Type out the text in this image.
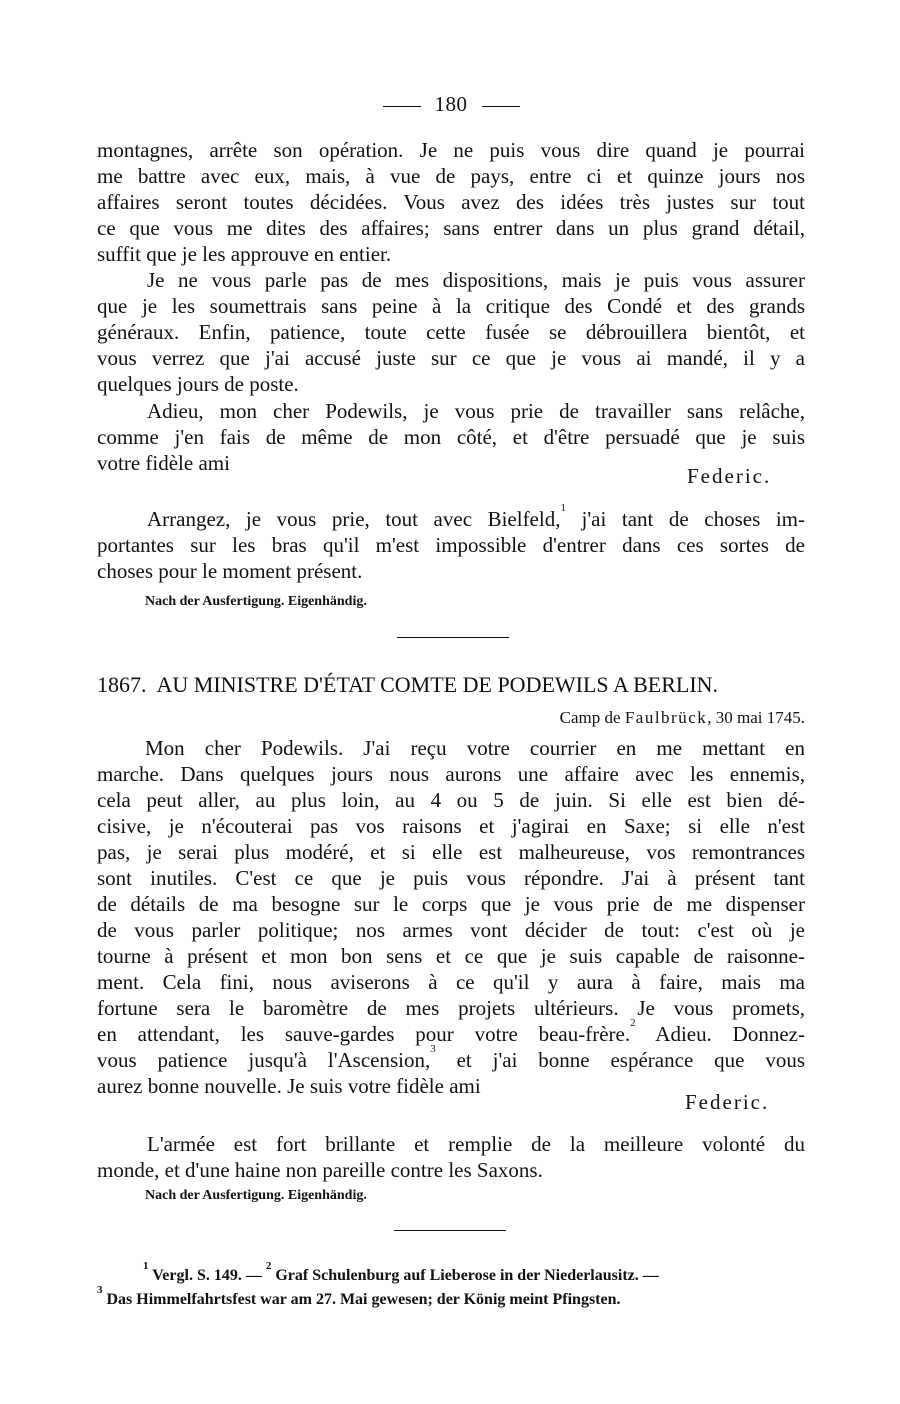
180
montagnes, arrête son opération. Je ne puis vous dire quand je pourrai
me battre avec eux, mais, à vue de pays, entre ci et quinze jours nos
affaires seront toutes décidées. Vous avez des idées très justes sur tout
ce que vous me dites des affaires; sans entrer dans un plus grand détail,
suffit que je les approuve en entier.
Je ne vous parle pas de mes dispositions, mais je puis vous assurer
que je les soumettrais sans peine à la critique des Condé et des grands
généraux. Enfin, patience, toute cette fusée se débrouillera bientôt, et
vous verrez que j'ai accusé juste sur ce que je vous ai mandé, il y a
quelques jours de poste.
Adieu, mon cher Podewils, je vous prie de travailler sans relâche,
comme j'en fais de même de mon côté, et d'être persuadé que je suis
votre fidèle ami
Federic.
Arrangez, je vous prie, tout avec Bielfeld,$^1$ j'ai tant de choses im-
portantes sur les bras qu'il m'est impossible d'entrer dans ces sortes de
choses pour le moment présent.
Nach der Ausfertigung. Eigenhändig.
1867. AU MINISTRE D'ÉTAT COMTE DE PODEWILS A BERLIN.
Camp de Faulbrück, 30 mai 1745.
Mon cher Podewils. J'ai reçu votre courrier en me mettant en
marche. Dans quelques jours nous aurons une affaire avec les ennemis,
cela peut aller, au plus loin, au 4 ou 5 de juin. Si elle est bien dé-
cisive, je n'écouterai pas vos raisons et j'agirai en Saxe; si elle n'est
pas, je serai plus modéré, et si elle est malheureuse, vos remontrances
sont inutiles. C'est ce que je puis vous répondre. J'ai à présent tant
de détails de ma besogne sur le corps que je vous prie de me dispenser
de vous parler politique; nos armes vont décider de tout: c'est où je
tourne à présent et mon bon sens et ce que je suis capable de raisonne-
ment. Cela fini, nous aviserons à ce qu'il y aura à faire, mais ma
fortune sera le baromètre de mes projets ultérieurs. Je vous promets,
en attendant, les sauve-gardes pour votre beau-frère.$^2$ Adieu. Donnez-
vous patience jusqu'à l'Ascension,$^3$ et j'ai bonne espérance que vous
aurez bonne nouvelle. Je suis votre fidèle ami
Federic.
L'armée est fort brillante et remplie de la meilleure volonté du
monde, et d'une haine non pareille contre les Saxons.
Nach der Ausfertigung. Eigenhändig.
$^1$ Vergl. S. 149. — $^2$ Graf Schulenburg auf Lieberose in der Niederlausitz. —
$^3$ Das Himmelfahrtsfest war am 27. Mai gewesen; der König meint Pfingsten.
